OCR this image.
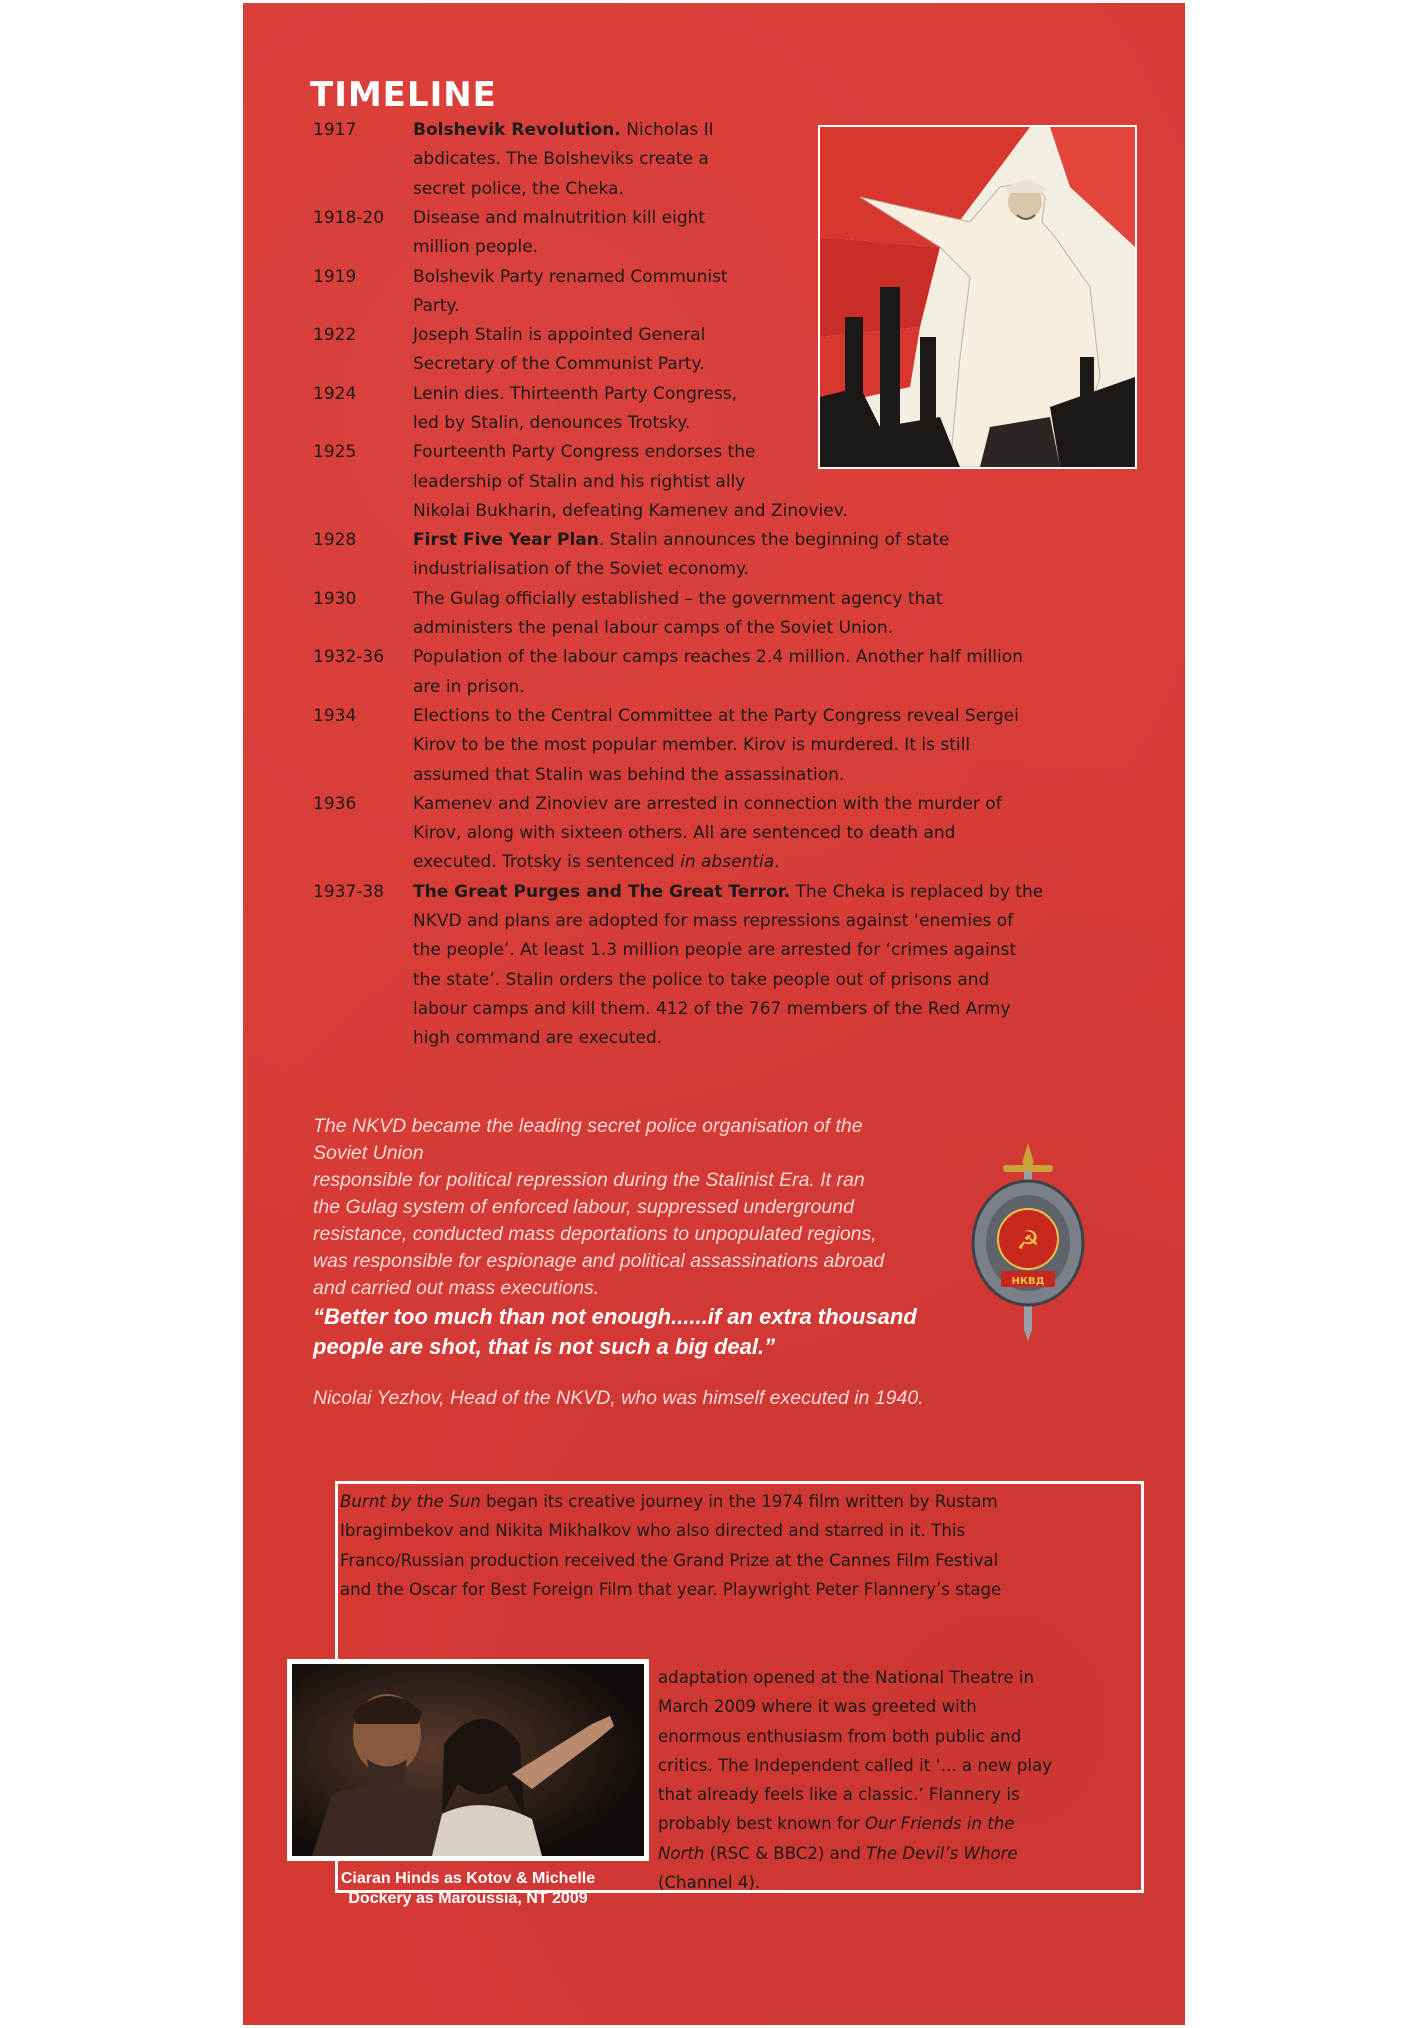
TIMELINE
1917	Bolshevik Revolution. Nicholas II
abdicates. The Bolsheviks create a
secret police, the Cheka.
1918-20	Disease and malnutrition kill eight
million people.
1919	Bolshevik Party renamed Communist
Party.
1922	Joseph Stalin is appointed General
Secretary of the Communist Party.
1924	Lenin dies. Thirteenth Party Congress,
led by Stalin, denounces Trotsky.
1925	Fourteenth Party Congress endorses the
leadership of Stalin and his rightist ally
Nikolai Bukharin, defeating Kamenev and Zinoviev.
1928	First Five Year Plan. Stalin announces the beginning of state
industrialisation of the Soviet economy.
1930	The Gulag officially established – the government agency that
administers the penal labour camps of the Soviet Union.
1932-36	Population of the labour camps reaches 2.4 million. Another half million
are in prison.
1934	Elections to the Central Committee at the Party Congress reveal Sergei
Kirov to be the most popular member. Kirov is murdered. It is still
assumed that Stalin was behind the assassination.
1936	Kamenev and Zinoviev are arrested in connection with the murder of
Kirov, along with sixteen others. All are sentenced to death and
executed. Trotsky is sentenced in absentia.
1937-38	The Great Purges and The Great Terror. The Cheka is replaced by the
NKVD and plans are adopted for mass repressions against ‘enemies of
the people’. At least 1.3 million people are arrested for ‘crimes against
the state’. Stalin orders the police to take people out of prisons and
labour camps and kill them. 412 of the 767 members of the Red Army
high command are executed.
The NKVD became the leading secret police organisation of the Soviet Union
responsible for political repression during the Stalinist Era. It ran
the Gulag system of enforced labour, suppressed underground
resistance, conducted mass deportations to unpopulated regions,
was responsible for espionage and political assassinations abroad
and carried out mass executions.
☭
НКВД
“Better too much than not enough......if an extra thousand
people are shot, that is not such a big deal.”
Nicolai Yezhov, Head of the NKVD, who was himself executed in 1940.
Burnt by the Sun began its creative journey in the 1974 film written by Rustam
Ibragimbekov and Nikita Mikhalkov who also directed and starred in it. This
Franco/Russian production received the Grand Prize at the Cannes Film Festival
and the Oscar for Best Foreign Film that year. Playwright Peter Flannery’s stage
Ciaran Hinds as Kotov & Michelle
Dockery as Maroussia, NT 2009
adaptation opened at the National Theatre in
March 2009 where it was greeted with
enormous enthusiasm from both public and
critics. The Independent called it ‘... a new play
that already feels like a classic.’ Flannery is
probably best known for Our Friends in the
North (RSC & BBC2) and The Devil’s Whore
(Channel 4).
